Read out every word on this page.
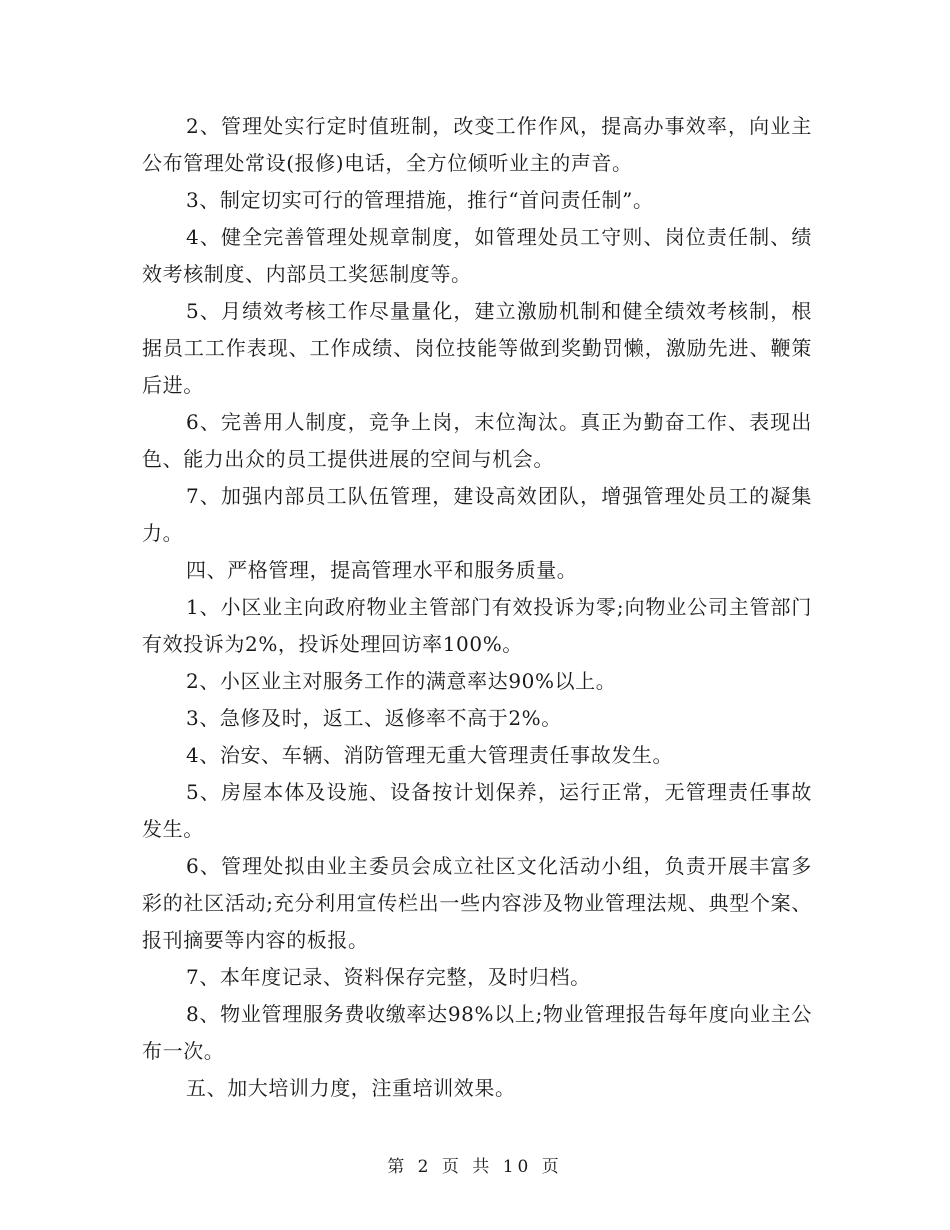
2、管理处实行定时值班制，改变工作作风，提高办事效率，向业主公布管理处常设(报修)电话，全方位倾听业主的声音。

3、制定切实可行的管理措施，推行“首问责任制”。

4、健全完善管理处规章制度，如管理处员工守则、岗位责任制、绩效考核制度、内部员工奖惩制度等。

5、月绩效考核工作尽量量化，建立激励机制和健全绩效考核制，根据员工工作表现、工作成绩、岗位技能等做到奖勤罚懒，激励先进、鞭策后进。

6、完善用人制度，竞争上岗，末位淘汰。真正为勤奋工作、表现出色、能力出众的员工提供进展的空间与机会。

7、加强内部员工队伍管理，建设高效团队，增强管理处员工的凝集力。

四、严格管理，提高管理水平和服务质量。

1、小区业主向政府物业主管部门有效投诉为零;向物业公司主管部门有效投诉为2%，投诉处理回访率100%。

2、小区业主对服务工作的满意率达90%以上。

3、急修及时，返工、返修率不高于2%。

4、治安、车辆、消防管理无重大管理责任事故发生。

5、房屋本体及设施、设备按计划保养，运行正常，无管理责任事故发生。

6、管理处拟由业主委员会成立社区文化活动小组，负责开展丰富多彩的社区活动;充分利用宣传栏出一些内容涉及物业管理法规、典型个案、报刊摘要等内容的板报。

7、本年度记录、资料保存完整，及时归档。

8、物业管理服务费收缴率达98%以上;物业管理报告每年度向业主公布一次。

五、加大培训力度，注重培训效果。

第 2 页 共 10 页
